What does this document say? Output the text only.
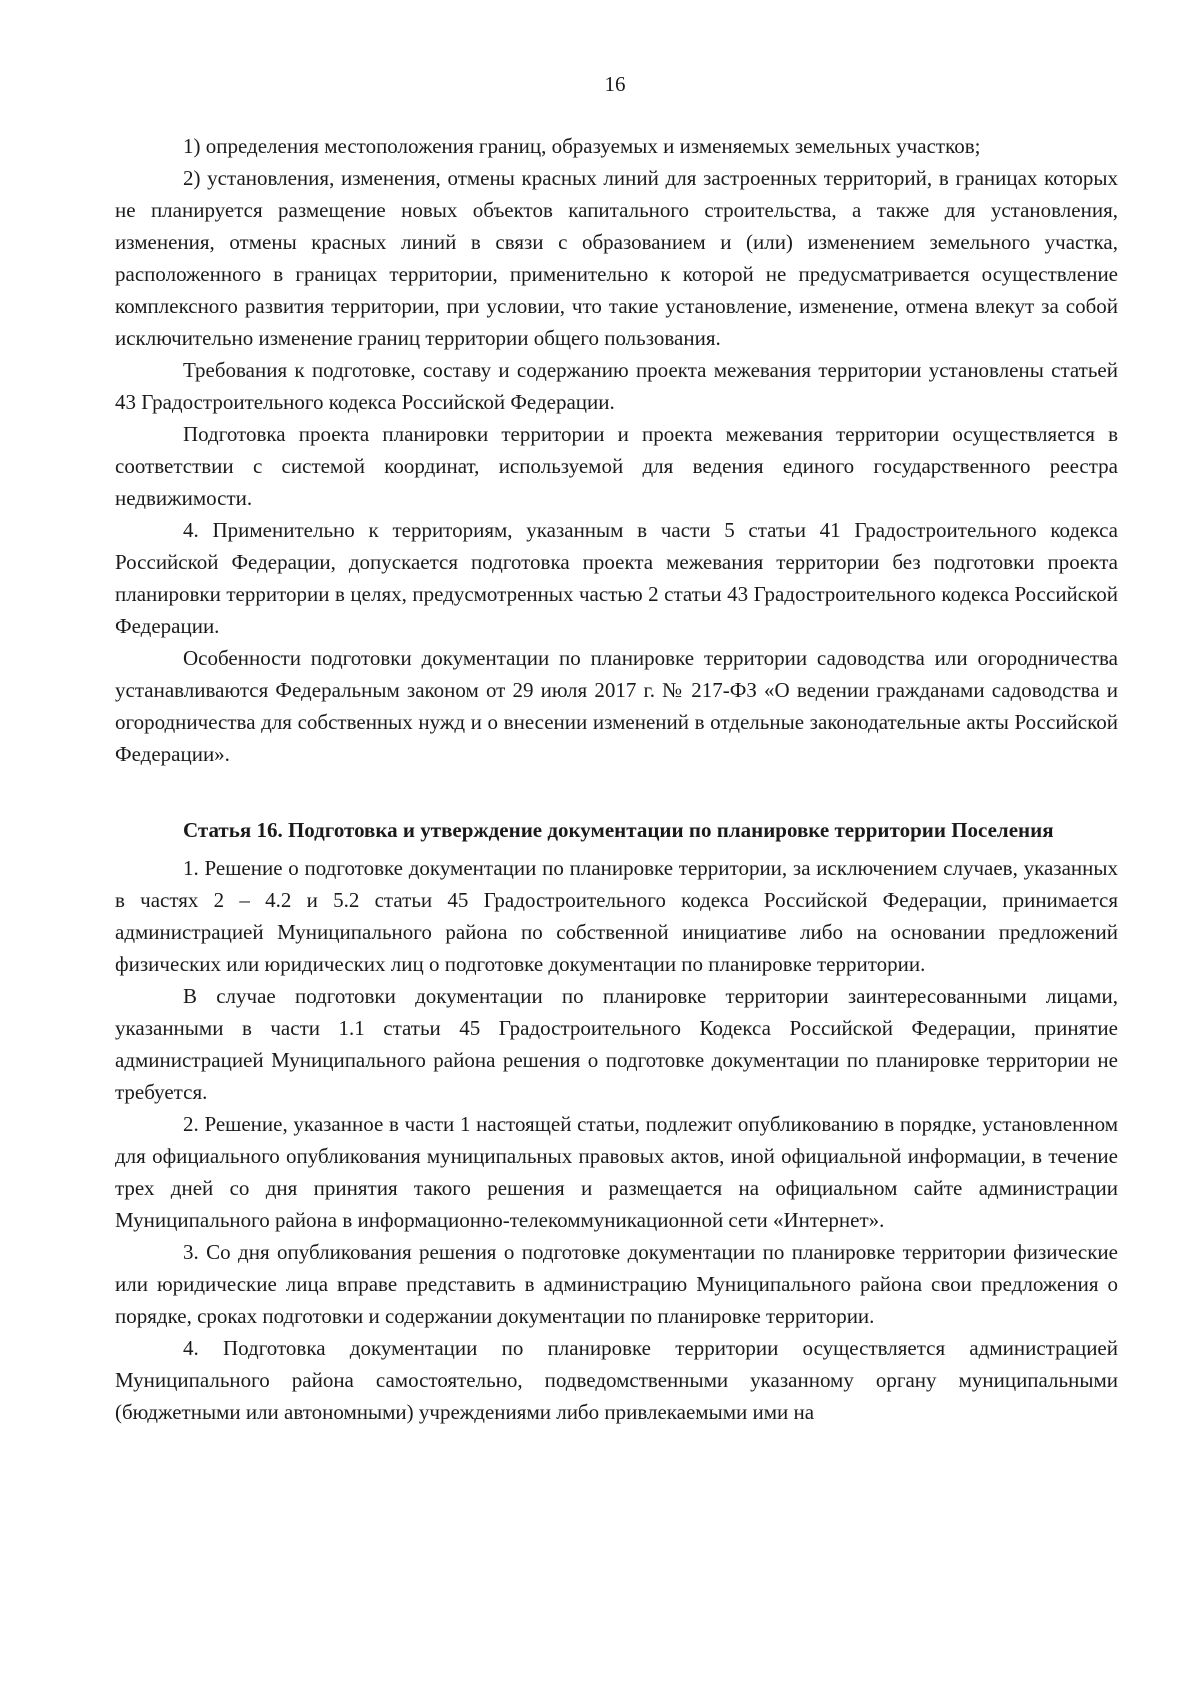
16

1) определения местоположения границ, образуемых и изменяемых земельных участков;

2) установления, изменения, отмены красных линий для застроенных территорий, в границах которых не планируется размещение новых объектов капитального строительства, а также для установления, изменения, отмены красных линий в связи с образованием и (или) изменением земельного участка, расположенного в границах территории, применительно к которой не предусматривается осуществление комплексного развития территории, при условии, что такие установление, изменение, отмена влекут за собой исключительно изменение границ территории общего пользования.

Требования к подготовке, составу и содержанию проекта межевания территории установлены статьей 43 Градостроительного кодекса Российской Федерации.

Подготовка проекта планировки территории и проекта межевания территории осуществляется в соответствии с системой координат, используемой для ведения единого государственного реестра недвижимости.

4. Применительно к территориям, указанным в части 5 статьи 41 Градостроительного кодекса Российской Федерации, допускается подготовка проекта межевания территории без подготовки проекта планировки территории в целях, предусмотренных частью 2 статьи 43 Градостроительного кодекса Российской Федерации.

Особенности подготовки документации по планировке территории садоводства или огородничества устанавливаются Федеральным законом от 29 июля 2017 г. № 217-ФЗ «О ведении гражданами садоводства и огородничества для собственных нужд и о внесении изменений в отдельные законодательные акты Российской Федерации».

Статья 16. Подготовка и утверждение документации по планировке территории Поселения

1. Решение о подготовке документации по планировке территории, за исключением случаев, указанных в частях 2 – 4.2 и 5.2 статьи 45 Градостроительного кодекса Российской Федерации, принимается администрацией Муниципального района по собственной инициативе либо на основании предложений физических или юридических лиц о подготовке документации по планировке территории.

В случае подготовки документации по планировке территории заинтересованными лицами, указанными в части 1.1 статьи 45 Градостроительного Кодекса Российской Федерации, принятие администрацией Муниципального района решения о подготовке документации по планировке территории не требуется.

2. Решение, указанное в части 1 настоящей статьи, подлежит опубликованию в порядке, установленном для официального опубликования муниципальных правовых актов, иной официальной информации, в течение трех дней со дня принятия такого решения и размещается на официальном сайте администрации Муниципального района в информационно-телекоммуникационной сети «Интернет».

3. Со дня опубликования решения о подготовке документации по планировке территории физические или юридические лица вправе представить в администрацию Муниципального района свои предложения о порядке, сроках подготовки и содержании документации по планировке территории.

4. Подготовка документации по планировке территории осуществляется администрацией Муниципального района самостоятельно, подведомственными указанному органу муниципальными (бюджетными или автономными) учреждениями либо привлекаемыми ими на
